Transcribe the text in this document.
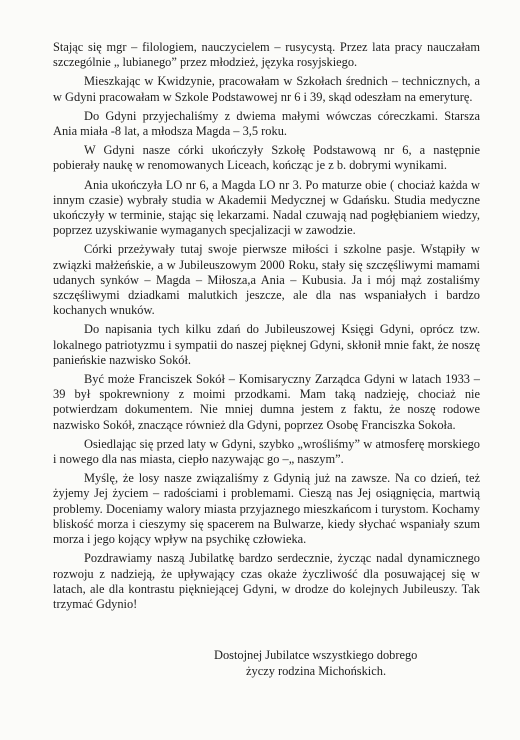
Stając się mgr – filologiem, nauczycielem – rusycystą. Przez lata pracy nauczałam szczególnie „ lubianego” przez młodzież, języka rosyjskiego.

Mieszkając w Kwidzynie, pracowałam w Szkołach średnich – technicznych, a w Gdyni pracowałam w Szkole Podstawowej nr 6 i 39, skąd odeszłam na emeryturę.

Do Gdyni przyjechaliśmy z dwiema małymi wówczas córeczkami. Starsza Ania miała -8 lat, a młodsza Magda – 3,5 roku.

W Gdyni nasze córki ukończyły Szkołę Podstawową nr 6, a następnie pobierały naukę w renomowanych Liceach, kończąc je z b. dobrymi wynikami.

Ania ukończyła LO nr 6, a Magda LO nr 3. Po maturze obie ( chociaż każda w innym czasie) wybrały studia w Akademii Medycznej w Gdańsku. Studia medyczne ukończyły w terminie, stając się lekarzami. Nadal czuwają nad pogłębianiem wiedzy, poprzez uzyskiwanie wymaganych specjalizacji w zawodzie.

Córki przeżywały tutaj swoje pierwsze miłości i szkolne pasje. Wstąpiły w związki małżeńskie, a w Jubileuszowym 2000 Roku, stały się szczęśliwymi mamami udanych synków – Magda – Miłosza,a Ania – Kubusia. Ja i mój mąż zostaliśmy szczęśliwymi dziadkami malutkich jeszcze, ale dla nas wspaniałych i bardzo kochanych wnuków.

Do napisania tych kilku zdań do Jubileuszowej Księgi Gdyni, oprócz tzw. lokalnego patriotyzmu i sympatii do naszej pięknej Gdyni, skłonił mnie fakt, że noszę panieńskie nazwisko Sokół.

Być może Franciszek Sokół – Komisaryczny Zarządca Gdyni w latach 1933 – 39 był spokrewniony z moimi przodkami. Mam taką nadzieję, chociaż nie potwierdzam dokumentem. Nie mniej dumna jestem z faktu, że noszę rodowe nazwisko Sokół, znaczące również dla Gdyni, poprzez Osobę Franciszka Sokoła.

Osiedlając się przed laty w Gdyni, szybko „wrośliśmy” w atmosferę morskiego i nowego dla nas miasta, ciepło nazywając go –„ naszym”.

Myślę, że losy nasze związaliśmy z Gdynią już na zawsze. Na co dzień, też żyjemy Jej życiem – radościami i problemami. Cieszą nas Jej osiągnięcia, martwią problemy. Doceniamy walory miasta przyjaznego mieszkańcom i turystom. Kochamy bliskość morza i cieszymy się spacerem na Bulwarze, kiedy słychać wspaniały szum morza i jego kojący wpływ na psychikę człowieka.

Pozdrawiamy naszą Jubilatkę bardzo serdecznie, życząc nadal dynamicznego rozwoju z nadzieją, że upływający czas okaże życzliwość dla posuwającej się w latach, ale dla kontrastu piękniejącej Gdyni, w drodze do kolejnych Jubileuszy. Tak trzymać Gdynio!

Dostojnej Jubilatce wszystkiego dobrego
życzy rodzina Michońskich.
